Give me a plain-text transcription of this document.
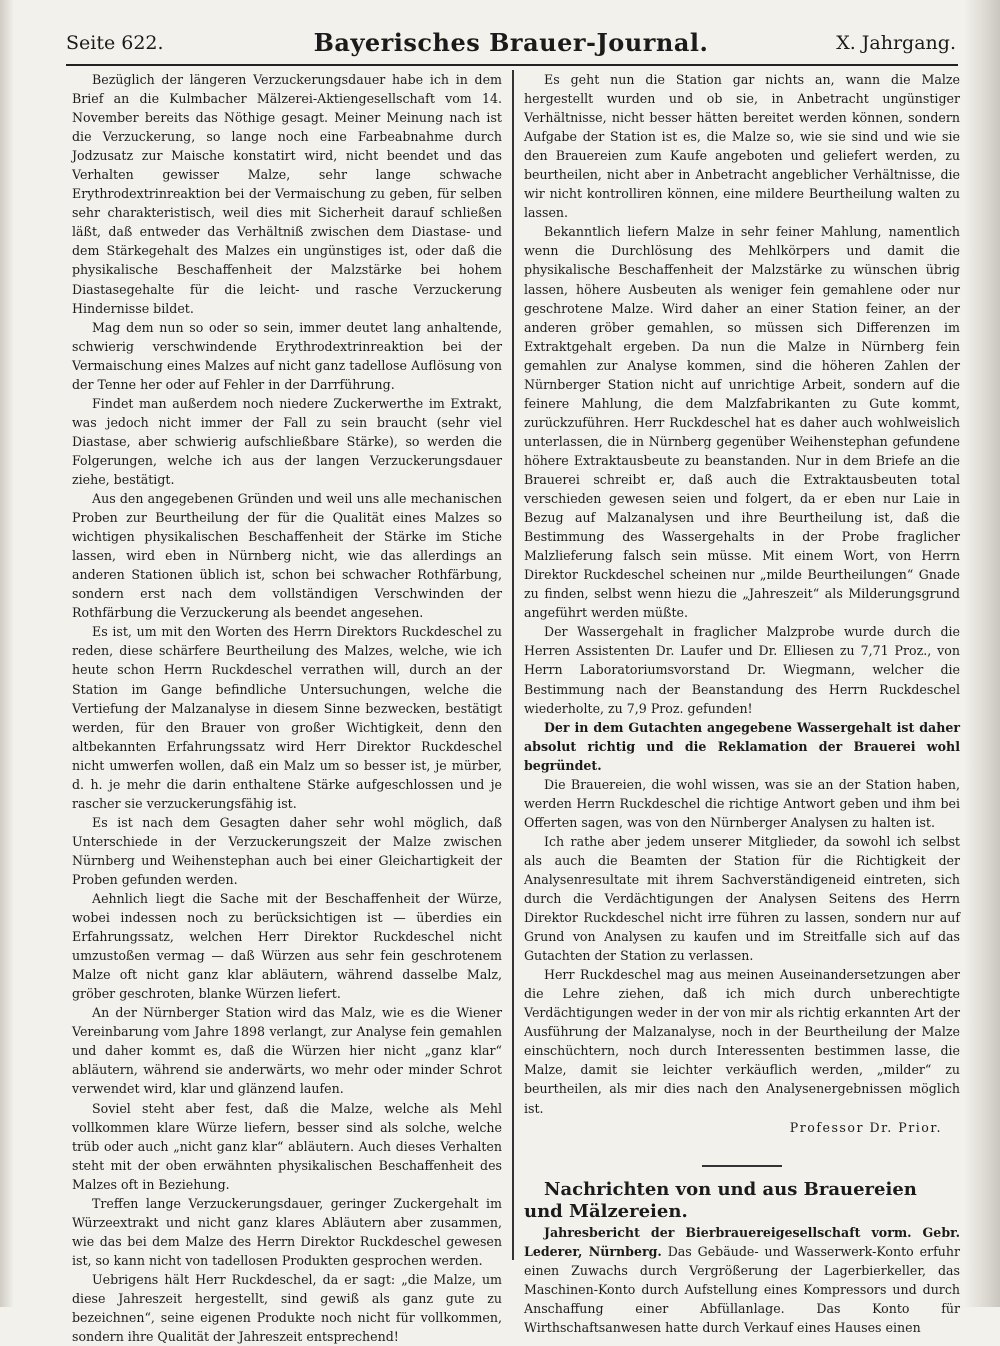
Seite 622.	Bayerisches Brauer-Journal.	X. Jahrgang.

Bezüglich der längeren Verzuckerungsdauer habe ich in dem Brief an die Kulmbacher Mälzerei-Aktiengesellschaft vom 14. November bereits das Nöthige gesagt. Meiner Meinung nach ist die Verzuckerung, so lange noch eine Farbeabnahme durch Jodzusatz zur Maische konstatirt wird, nicht beendet und das Verhalten gewisser Malze, sehr lange schwache Erythrodextrinreaktion bei der Vermaischung zu geben, für selben sehr charakteristisch, weil dies mit Sicherheit darauf schließen läßt, daß entweder das Verhältniß zwischen dem Diastase- und dem Stärkegehalt des Malzes ein ungünstiges ist, oder daß die physikalische Beschaffenheit der Malzstärke bei hohem Diastasegehalte für die leicht- und rasche Verzuckerung Hindernisse bildet.

Mag dem nun so oder so sein, immer deutet lang anhaltende, schwierig verschwindende Erythrodextrinreaktion bei der Vermaischung eines Malzes auf nicht ganz tadellose Auflösung von der Tenne her oder auf Fehler in der Darrführung.

Findet man außerdem noch niedere Zuckerwerthe im Extrakt, was jedoch nicht immer der Fall zu sein braucht (sehr viel Diastase, aber schwierig aufschließbare Stärke), so werden die Folgerungen, welche ich aus der langen Verzuckerungsdauer ziehe, bestätigt.

Aus den angegebenen Gründen und weil uns alle mechanischen Proben zur Beurtheilung der für die Qualität eines Malzes so wichtigen physikalischen Beschaffenheit der Stärke im Stiche lassen, wird eben in Nürnberg nicht, wie das allerdings an anderen Stationen üblich ist, schon bei schwacher Rothfärbung, sondern erst nach dem vollständigen Verschwinden der Rothfärbung die Verzuckerung als beendet angesehen.

Es ist, um mit den Worten des Herrn Direktors Ruckdeschel zu reden, diese schärfere Beurtheilung des Malzes, welche, wie ich heute schon Herrn Ruckdeschel verrathen will, durch an der Station im Gange befindliche Untersuchungen, welche die Vertiefung der Malzanalyse in diesem Sinne bezwecken, bestätigt werden, für den Brauer von großer Wichtigkeit, denn den altbekannten Erfahrungssatz wird Herr Direktor Ruckdeschel nicht umwerfen wollen, daß ein Malz um so besser ist, je mürber, d. h. je mehr die darin enthaltene Stärke aufgeschlossen und je rascher sie verzuckerungsfähig ist.

Es ist nach dem Gesagten daher sehr wohl möglich, daß Unterschiede in der Verzuckerungszeit der Malze zwischen Nürnberg und Weihenstephan auch bei einer Gleichartigkeit der Proben gefunden werden.

Aehnlich liegt die Sache mit der Beschaffenheit der Würze, wobei indessen noch zu berücksichtigen ist — überdies ein Erfahrungssatz, welchen Herr Direktor Ruckdeschel nicht umzustoßen vermag — daß Würzen aus sehr fein geschrotenem Malze oft nicht ganz klar abläutern, während dasselbe Malz, gröber geschroten, blanke Würzen liefert.

An der Nürnberger Station wird das Malz, wie es die Wiener Vereinbarung vom Jahre 1898 verlangt, zur Analyse fein gemahlen und daher kommt es, daß die Würzen hier nicht „ganz klar“ abläutern, während sie anderwärts, wo mehr oder minder Schrot verwendet wird, klar und glänzend laufen.

Soviel steht aber fest, daß die Malze, welche als Mehl vollkommen klare Würze liefern, besser sind als solche, welche trüb oder auch „nicht ganz klar“ abläutern. Auch dieses Verhalten steht mit der oben erwähnten physikalischen Beschaffenheit des Malzes oft in Beziehung.

Treffen lange Verzuckerungsdauer, geringer Zuckergehalt im Würzeextrakt und nicht ganz klares Abläutern aber zusammen, wie das bei dem Malze des Herrn Direktor Ruckdeschel gewesen ist, so kann nicht von tadellosen Produkten gesprochen werden.

Uebrigens hält Herr Ruckdeschel, da er sagt: „die Malze, um diese Jahreszeit hergestellt, sind gewiß als ganz gute zu bezeichnen“, seine eigenen Produkte noch nicht für vollkommen, sondern ihre Qualität der Jahreszeit entsprechend!

Es geht nun die Station gar nichts an, wann die Malze hergestellt wurden und ob sie, in Anbetracht ungünstiger Verhältnisse, nicht besser hätten bereitet werden können, sondern Aufgabe der Station ist es, die Malze so, wie sie sind und wie sie den Brauereien zum Kaufe angeboten und geliefert werden, zu beurtheilen, nicht aber in Anbetracht angeblicher Verhältnisse, die wir nicht kontrolliren können, eine mildere Beurtheilung walten zu lassen.

Bekanntlich liefern Malze in sehr feiner Mahlung, namentlich wenn die Durchlösung des Mehlkörpers und damit die physikalische Beschaffenheit der Malzstärke zu wünschen übrig lassen, höhere Ausbeuten als weniger fein gemahlene oder nur geschrotene Malze. Wird daher an einer Station feiner, an der anderen gröber gemahlen, so müssen sich Differenzen im Extraktgehalt ergeben. Da nun die Malze in Nürnberg fein gemahlen zur Analyse kommen, sind die höheren Zahlen der Nürnberger Station nicht auf unrichtige Arbeit, sondern auf die feinere Mahlung, die dem Malzfabrikanten zu Gute kommt, zurückzuführen. Herr Ruckdeschel hat es daher auch wohlweislich unterlassen, die in Nürnberg gegenüber Weihenstephan gefundene höhere Extraktausbeute zu beanstanden. Nur in dem Briefe an die Brauerei schreibt er, daß auch die Extraktausbeuten total verschieden gewesen seien und folgert, da er eben nur Laie in Bezug auf Malzanalysen und ihre Beurtheilung ist, daß die Bestimmung des Wassergehalts in der Probe fraglicher Malzlieferung falsch sein müsse. Mit einem Wort, von Herrn Direktor Ruckdeschel scheinen nur „milde Beurtheilungen“ Gnade zu finden, selbst wenn hiezu die „Jahreszeit“ als Milderungsgrund angeführt werden müßte.

Der Wassergehalt in fraglicher Malzprobe wurde durch die Herren Assistenten Dr. Laufer und Dr. Elliesen zu 7,71 Proz., von Herrn Laboratoriumsvorstand Dr. Wiegmann, welcher die Bestimmung nach der Beanstandung des Herrn Ruckdeschel wiederholte, zu 7,9 Proz. gefunden!

Der in dem Gutachten angegebene Wassergehalt ist daher absolut richtig und die Reklamation der Brauerei wohl begründet.

Die Brauereien, die wohl wissen, was sie an der Station haben, werden Herrn Ruckdeschel die richtige Antwort geben und ihm bei Offerten sagen, was von den Nürnberger Analysen zu halten ist.

Ich rathe aber jedem unserer Mitglieder, da sowohl ich selbst als auch die Beamten der Station für die Richtigkeit der Analysenresultate mit ihrem Sachverständigeneid eintreten, sich durch die Verdächtigungen der Analysen Seitens des Herrn Direktor Ruckdeschel nicht irre führen zu lassen, sondern nur auf Grund von Analysen zu kaufen und im Streitfalle sich auf das Gutachten der Station zu verlassen.

Herr Ruckdeschel mag aus meinen Auseinandersetzungen aber die Lehre ziehen, daß ich mich durch unberechtigte Verdächtigungen weder in der von mir als richtig erkannten Art der Ausführung der Malzanalyse, noch in der Beurtheilung der Malze einschüchtern, noch durch Interessenten bestimmen lasse, die Malze, damit sie leichter verkäuflich werden, „milder“ zu beurtheilen, als mir dies nach den Analysenergebnissen möglich ist.

Professor Dr. Prior.

Nachrichten von und aus Brauereien und Mälzereien.

Jahresbericht der Bierbrauereigesellschaft vorm. Gebr. Lederer, Nürnberg. Das Gebäude- und Wasserwerk-Konto erfuhr einen Zuwachs durch Vergrößerung der Lagerbierkeller, das Maschinen-Konto durch Aufstellung eines Kompressors und durch Anschaffung einer Abfüllanlage. Das Konto für Wirthschaftsanwesen hatte durch Verkauf eines Hauses einen
